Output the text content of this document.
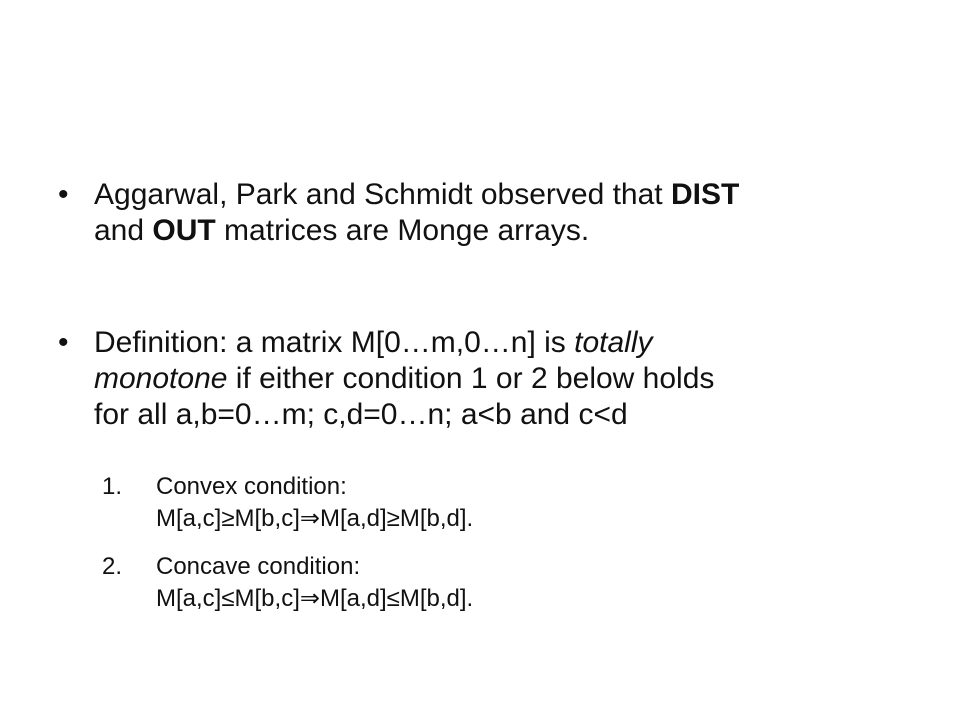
• Aggarwal, Park and Schmidt observed that DIST
and OUT matrices are Monge arrays.
• Definition: a matrix M[0…m,0…n] is totally
monotone if either condition 1 or 2 below holds
for all a,b=0…m; c,d=0…n; a<b and c<d
1.	Convex condition:
M[a,c]≥M[b,c]⇒M[a,d]≥M[b,d].
2.	Concave condition:
M[a,c]≤M[b,c]⇒M[a,d]≤M[b,d].
